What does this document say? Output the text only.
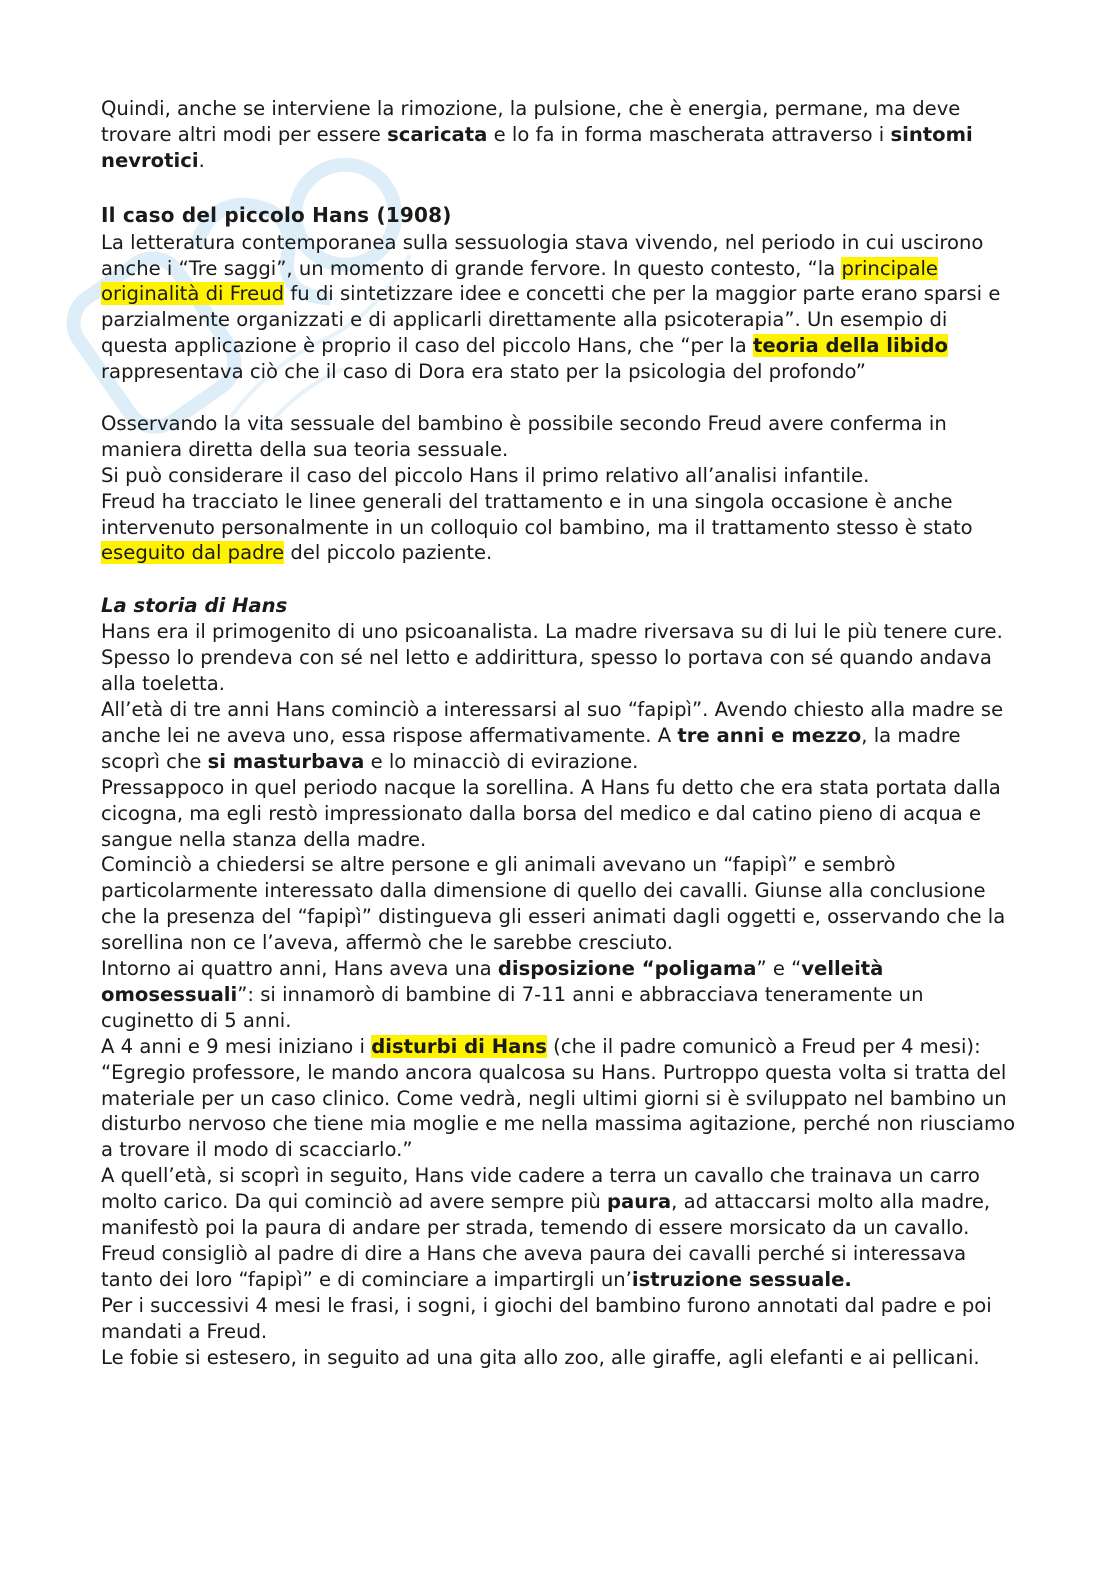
Quindi, anche se interviene la rimozione, la pulsione, che è energia, permane, ma deve trovare altri modi per essere scaricata e lo fa in forma mascherata attraverso i sintomi nevrotici.

Il caso del piccolo Hans (1908)

La letteratura contemporanea sulla sessuologia stava vivendo, nel periodo in cui uscirono anche i “Tre saggi”, un momento di grande fervore. In questo contesto, “la principale originalità di Freud fu di sintetizzare idee e concetti che per la maggior parte erano sparsi e parzialmente organizzati e di applicarli direttamente alla psicoterapia”. Un esempio di questa applicazione è proprio il caso del piccolo Hans, che “per la teoria della libido rappresentava ciò che il caso di Dora era stato per la psicologia del profondo”

Osservando la vita sessuale del bambino è possibile secondo Freud avere conferma in maniera diretta della sua teoria sessuale.

Si può considerare il caso del piccolo Hans il primo relativo all’analisi infantile.

Freud ha tracciato le linee generali del trattamento e in una singola occasione è anche intervenuto personalmente in un colloquio col bambino, ma il trattamento stesso è stato eseguito dal padre del piccolo paziente.

La storia di Hans

Hans era il primogenito di uno psicoanalista. La madre riversava su di lui le più tenere cure. Spesso lo prendeva con sé nel letto e addirittura, spesso lo portava con sé quando andava alla toeletta.

All’età di tre anni Hans cominciò a interessarsi al suo “fapipì”. Avendo chiesto alla madre se anche lei ne aveva uno, essa rispose affermativamente. A tre anni e mezzo, la madre scoprì che si masturbava e lo minacciò di evirazione.

Pressappoco in quel periodo nacque la sorellina. A Hans fu detto che era stata portata dalla cicogna, ma egli restò impressionato dalla borsa del medico e dal catino pieno di acqua e sangue nella stanza della madre.

Cominciò a chiedersi se altre persone e gli animali avevano un “fapipì” e sembrò particolarmente interessato dalla dimensione di quello dei cavalli. Giunse alla conclusione che la presenza del “fapipì” distingueva gli esseri animati dagli oggetti e, osservando che la sorellina non ce l’aveva, affermò che le sarebbe cresciuto.

Intorno ai quattro anni, Hans aveva una disposizione “poligama” e “velleità omosessuali”: si innamorò di bambine di 7-11 anni e abbracciava teneramente un cuginetto di 5 anni.

A 4 anni e 9 mesi iniziano i disturbi di Hans (che il padre comunicò a Freud per 4 mesi): “Egregio professore, le mando ancora qualcosa su Hans. Purtroppo questa volta si tratta del materiale per un caso clinico. Come vedrà, negli ultimi giorni si è sviluppato nel bambino un disturbo nervoso che tiene mia moglie e me nella massima agitazione, perché non riusciamo a trovare il modo di scacciarlo.”

A quell’età, si scoprì in seguito, Hans vide cadere a terra un cavallo che trainava un carro molto carico. Da qui cominciò ad avere sempre più paura, ad attaccarsi molto alla madre, manifestò poi la paura di andare per strada, temendo di essere morsicato da un cavallo. Freud consigliò al padre di dire a Hans che aveva paura dei cavalli perché si interessava tanto dei loro “fapipì” e di cominciare a impartirgli un’istruzione sessuale.

Per i successivi 4 mesi le frasi, i sogni, i giochi del bambino furono annotati dal padre e poi mandati a Freud.

Le fobie si estesero, in seguito ad una gita allo zoo, alle giraffe, agli elefanti e ai pellicani.
